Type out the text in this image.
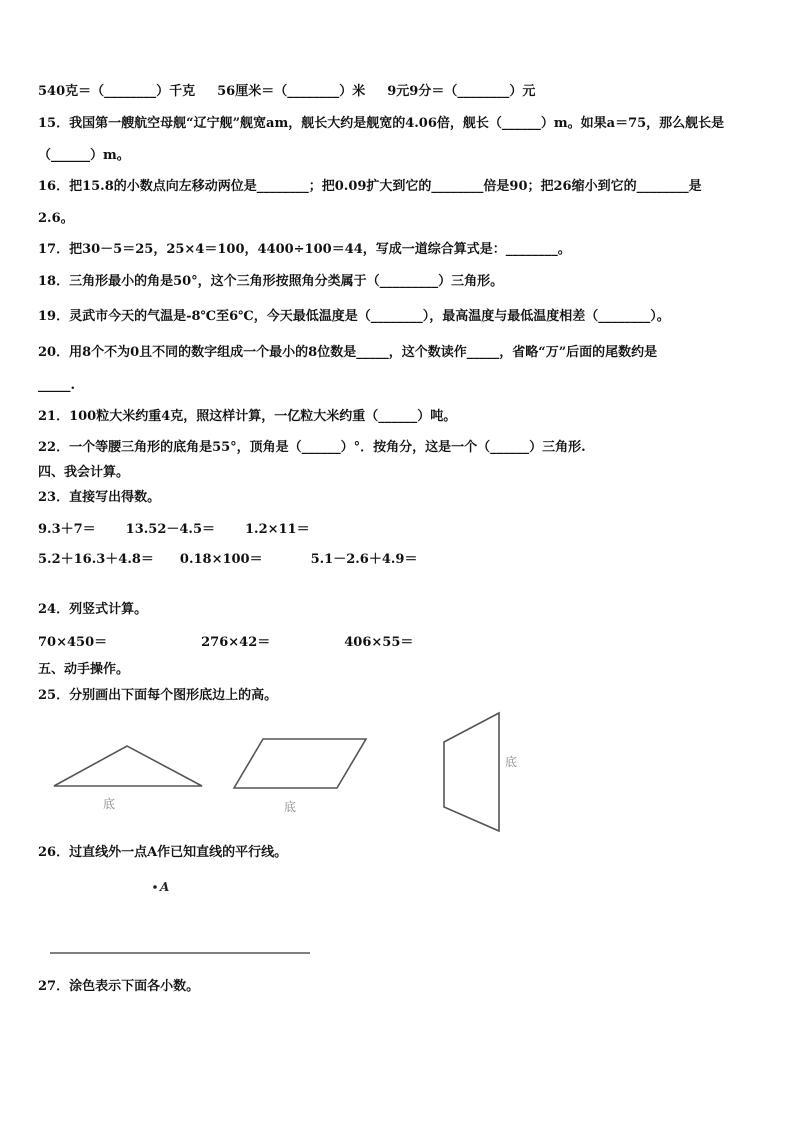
540克＝（________）千克 56厘米＝（________）米 9元9分＝（________）元
15．我国第一艘航空母舰“辽宁舰”舰宽am，舰长大约是舰宽的4.06倍，舰长（______）m。如果a＝75，那么舰长是
（______）m。
16．把15.8的小数点向左移动两位是________；把0.09扩大到它的________倍是90；把26缩小到它的________是
2.6。
17．把30－5＝25，25×4＝100，4400÷100＝44，写成一道综合算式是：________。
18．三角形最小的角是50°，这个三角形按照角分类属于（_________）三角形。
19．灵武市今天的气温是-8℃至6℃，今天最低温度是（________），最高温度与最低温度相差（________）。
20．用8个不为0且不同的数字组成一个最小的8位数是_____，这个数读作_____，省略“万”后面的尾数约是
_____.
21．100粒大米约重4克，照这样计算，一亿粒大米约重（______）吨。
22．一个等腰三角形的底角是55°，顶角是（______）°．按角分，这是一个（______）三角形.
四、我会计算。
23．直接写出得数。
9.3＋7＝ 13.52－4.5＝ 1.2×11＝
5.2＋16.3＋4.8＝ 0.18×100＝	5.1－2.6＋4.9＝
24．列竖式计算。
70×450＝	276×42＝	406×55＝
五、动手操作。
25．分别画出下面每个图形底边上的高。
底	底
底
A
26．过直线外一点A作已知直线的平行线。
27．涂色表示下面各小数。
